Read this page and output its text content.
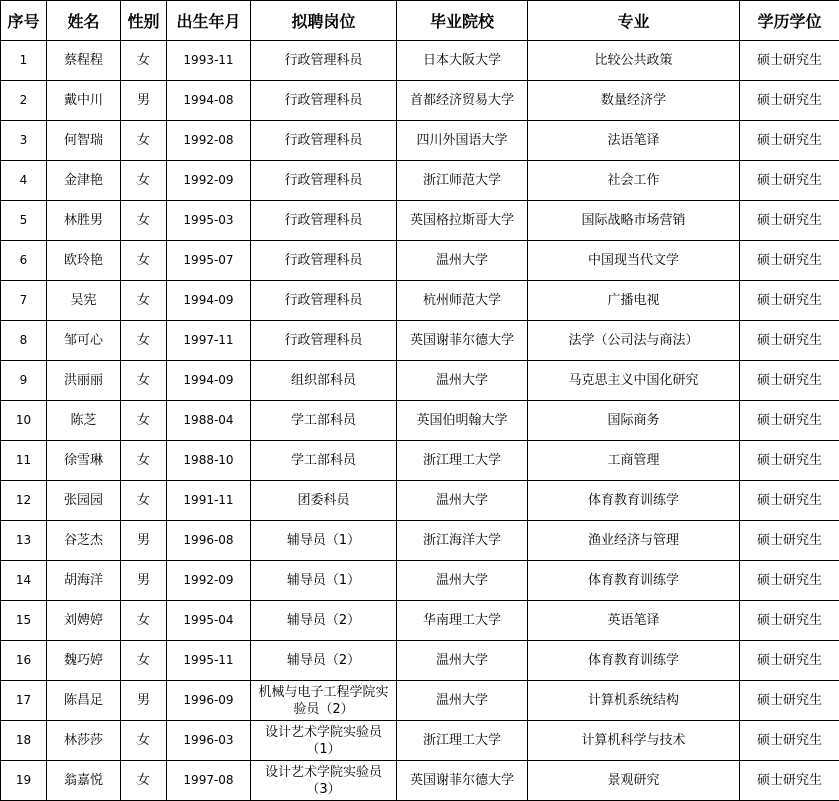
序号	姓名	性别	出生年月	拟聘岗位	毕业院校	专业	学历学位
1	蔡程程	女	1993-11	行政管理科员	日本大阪大学	比较公共政策	硕士研究生
2	戴中川	男	1994-08	行政管理科员	首都经济贸易大学	数量经济学	硕士研究生
3	何智瑞	女	1992-08	行政管理科员	四川外国语大学	法语笔译	硕士研究生
4	金津艳	女	1992-09	行政管理科员	浙江师范大学	社会工作	硕士研究生
5	林胜男	女	1995-03	行政管理科员	英国格拉斯哥大学	国际战略市场营销	硕士研究生
6	欧玲艳	女	1995-07	行政管理科员	温州大学	中国现当代文学	硕士研究生
7	吴宪	女	1994-09	行政管理科员	杭州师范大学	广播电视	硕士研究生
8	邹可心	女	1997-11	行政管理科员	英国谢菲尔德大学	法学（公司法与商法）	硕士研究生
9	洪丽丽	女	1994-09	组织部科员	温州大学	马克思主义中国化研究	硕士研究生
10	陈芝	女	1988-04	学工部科员	英国伯明翰大学	国际商务	硕士研究生
11	徐雪琳	女	1988-10	学工部科员	浙江理工大学	工商管理	硕士研究生
12	张园园	女	1991-11	团委科员	温州大学	体育教育训练学	硕士研究生
13	谷芝杰	男	1996-08	辅导员（1）	浙江海洋大学	渔业经济与管理	硕士研究生
14	胡海洋	男	1992-09	辅导员（1）	温州大学	体育教育训练学	硕士研究生
15	刘娉婷	女	1995-04	辅导员（2）	华南理工大学	英语笔译	硕士研究生
16	魏巧婷	女	1995-11	辅导员（2）	温州大学	体育教育训练学	硕士研究生
17	陈昌足	男	1996-09	机械与电子工程学院实验员（2）	温州大学	计算机系统结构	硕士研究生
18	林莎莎	女	1996-03	设计艺术学院实验员（1）	浙江理工大学	计算机科学与技术	硕士研究生
19	翁嘉悦	女	1997-08	设计艺术学院实验员（3）	英国谢菲尔德大学	景观研究	硕士研究生
